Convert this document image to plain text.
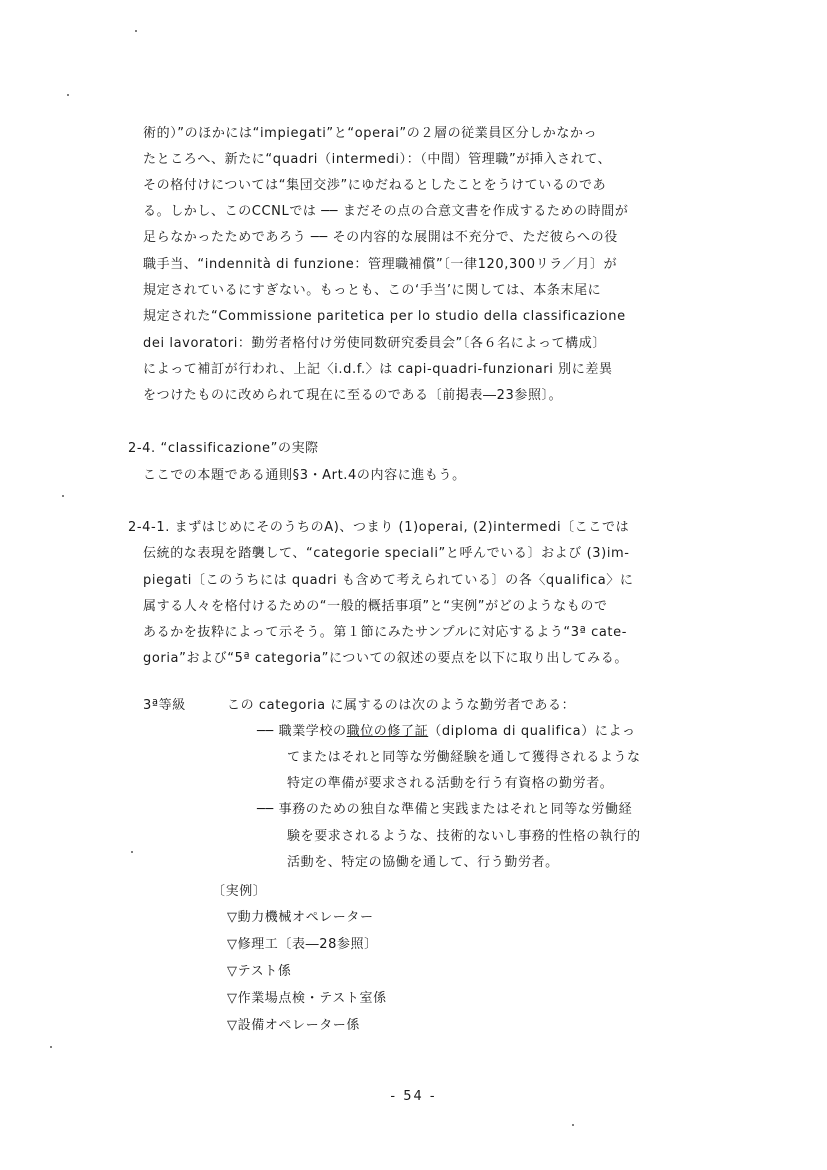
術的）”のほかには“impiegati”と“operai”の２層の従業員区分しかなかっ
たところへ、新たに“quadri（intermedi）：（中間）管理職”が挿入されて、
その格付けについては“集団交渉”にゆだねるとしたことをうけているのであ
る。しかし、このCCNLでは ── まだその点の合意文書を作成するための時間が
足らなかったためであろう ── その内容的な展開は不充分で、ただ彼らへの役
職手当、“indennità di funzione：管理職補償”〔一律120,300リラ／月〕が
規定されているにすぎない。もっとも、この‘手当’に関しては、本条末尾に
規定された“Commissione paritetica per lo studio della classificazione
dei lavoratori：勤労者格付け労使同数研究委員会”〔各６名によって構成〕
によって補訂が行われ、上記〈i.d.f.〉は capi-quadri-funzionari 別に差異
をつけたものに改められて現在に至るのである〔前掲表―23参照〕。
2-4. “classificazione”の実際
ここでの本題である通則§3・Art.4の内容に進もう。
2-4-1. まずはじめにそのうちのA)、つまり (1)operai, (2)intermedi〔ここでは
伝統的な表現を踏襲して、“categorie speciali”と呼んでいる〕および (3)im-
piegati〔このうちには quadri も含めて考えられている〕の各〈qualifica〉に
属する人々を格付けるための“一般的概括事項”と“実例”がどのようなもので
あるかを抜粋によって示そう。第１節にみたサンプルに対応するよう“3ª cate-
goria”および“5ª categoria”についての叙述の要点を以下に取り出してみる。
3ª等級	この categoria に属するのは次のような勤労者である：
── 職業学校の職位の修了証（diploma di qualifica）によっ
てまたはそれと同等な労働経験を通して獲得されるような
特定の準備が要求される活動を行う有資格の勤労者。
── 事務のための独自な準備と実践またはそれと同等な労働経
験を要求されるような、技術的ないし事務的性格の執行的
活動を、特定の協働を通して、行う勤労者。
〔実例〕
▽動力機械オペレーター
▽修理工〔表―28参照〕
▽テスト係
▽作業場点検・テスト室係
▽設備オペレーター係
- 54 -
